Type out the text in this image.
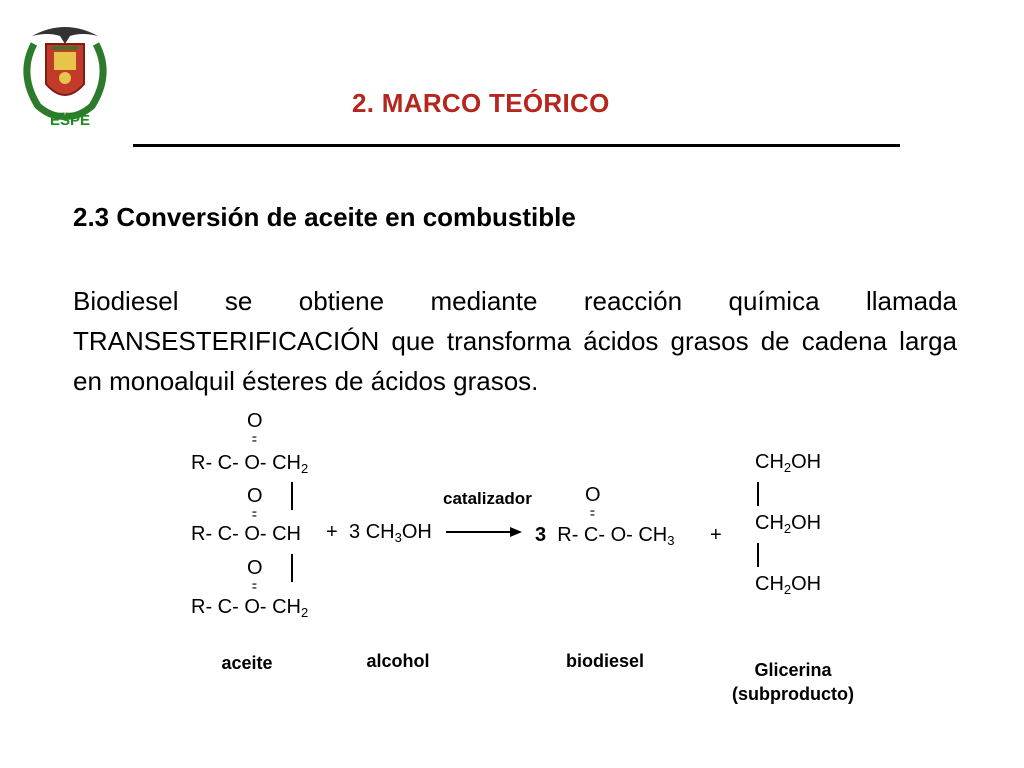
ESPE
2. MARCO TEÓRICO
2.3 Conversión de aceite en combustible
Biodiesel se obtiene mediante reacción química llamada TRANSESTERIFICACIÓN que transforma ácidos grasos de cadena larga en monoalquil ésteres de ácidos grasos.
O
=
R- C- O- $CH_2$
O
=
R- C- O- CH
O
=
R- C- O- $CH_2$
+ 3 $CH_3OH$
catalizador	O
=
3 R- C- O- $CH_3$ +
$CH_2OH$
$CH_2OH$
$CH_2OH$
aceite	alcohol	biodiesel	Glicerina
(subproducto)
